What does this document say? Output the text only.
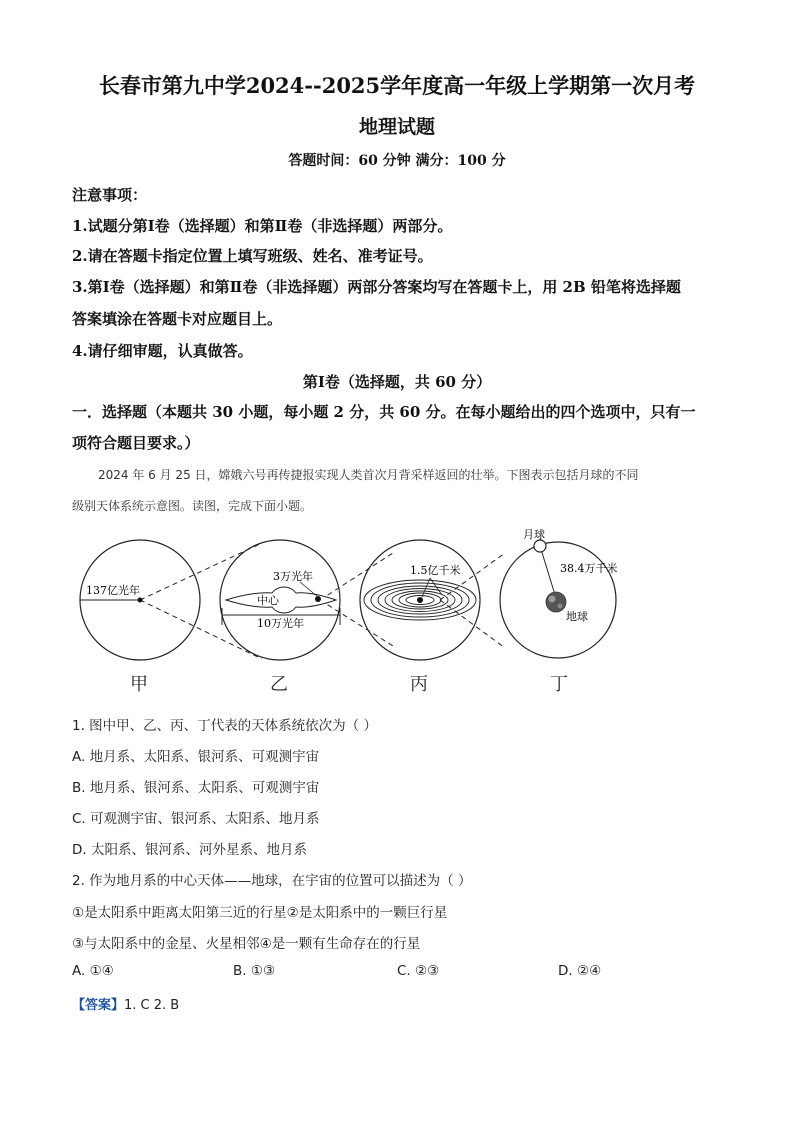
长春市第九中学2024--2025学年度高一年级上学期第一次月考
地理试题
答题时间：60 分钟 满分：100 分
注意事项：
1.试题分第Ⅰ卷（选择题）和第Ⅱ卷（非选择题）两部分。
2.请在答题卡指定位置上填写班级、姓名、准考证号。
3.第Ⅰ卷（选择题）和第Ⅱ卷（非选择题）两部分答案均写在答题卡上，用 2B 铅笔将选择题
答案填涂在答题卡对应题目上。
4.请仔细审题，认真做答。
第Ⅰ卷（选择题，共 60 分）
一．选择题（本题共 30 小题，每小题 2 分，共 60 分。在每小题给出的四个选项中，只有一
项符合题目要求。）
2024 年 6 月 25 日，嫦娥六号再传捷报实现人类首次月背采样返回的壮举。下图表示包括月球的不同
级别天体系统示意图。读图，完成下面小题。
137亿光年
3万光年
中心
10万光年
1.5亿千米
月球
38.4万千米
地球
甲	乙	丙	丁
1. 图中甲、乙、丙、丁代表的天体系统依次为（ ）
A. 地月系、太阳系、银河系、可观测宇宙
B. 地月系、银河系、太阳系、可观测宇宙
C. 可观测宇宙、银河系、太阳系、地月系
D. 太阳系、银河系、河外星系、地月系
2. 作为地月系的中心天体——地球，在宇宙的位置可以描述为（ ）
①是太阳系中距离太阳第三近的行星②是太阳系中的一颗巨行星
③与太阳系中的金星、火星相邻④是一颗有生命存在的行星
A. ①④	B. ①③	C. ②③	D. ②④
【答案】1. C 2. B
